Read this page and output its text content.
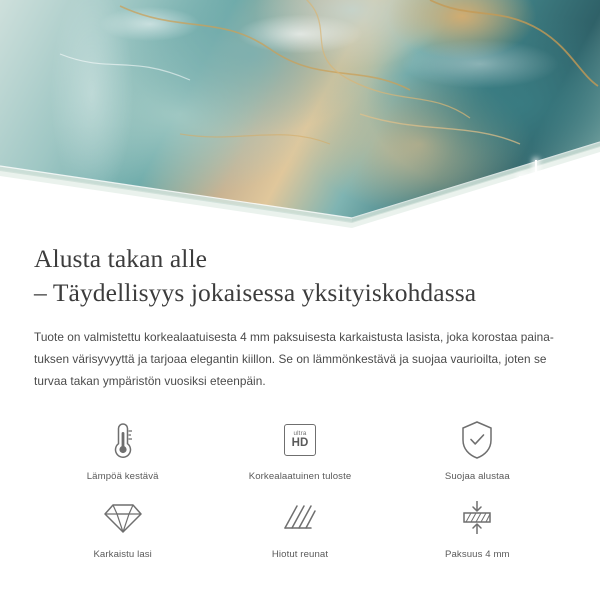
Alusta takan alle
– Täydellisyys jokaisessa yksityiskohdassa

Tuote on valmistettu korkealaatuisesta 4 mm paksuisesta karkaistusta lasista, joka korostaa paina- tuksen värisyvyyttä ja tarjoaa elegantin kiillon. Se on lämmönkestävä ja suojaa vaurioilta, joten se turvaa takan ympäristön vuosiksi eteenpäin.

Lämpöä kestävä
ultra
HD
Korkealaatuinen tuloste	Suojaa alustaa
Karkaistu lasi	Hiotut reunat	Paksuus 4 mm
